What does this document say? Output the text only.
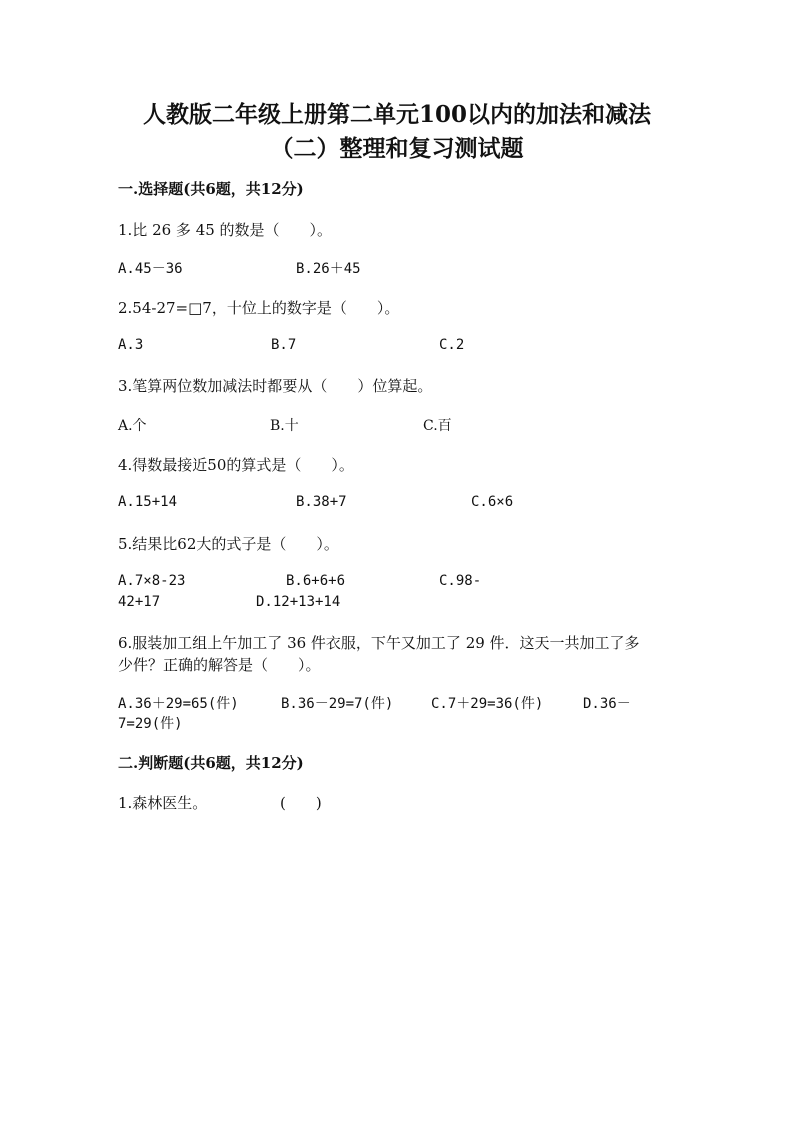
人教版二年级上册第二单元100以内的加法和减法
（二）整理和复习测试题
一.选择题(共6题，共12分)
1.比 26 多 45 的数是（　　）。
A.45－36	B.26＋45
2.54-27=□7，十位上的数字是（　　）。
A.3	B.7	C.2
3.笔算两位数加减法时都要从（　　）位算起。
A.个	B.十	C.百
4.得数最接近50的算式是（　　）。
A.15+14	B.38+7	C.6×6
5.结果比62大的式子是（　　）。
A.7×8-23	B.6+6+6	C.98-
42+17	D.12+13+14
6.服装加工组上午加工了 36 件衣服，下午又加工了 29 件．这天一共加工了多
少件？正确的解答是（　　）。
A.36＋29=65(件)	B.36－29=7(件)	C.7＋29=36(件)	D.36－
7=29(件)
二.判断题(共6题，共12分)
1.森林医生。	(　　)
